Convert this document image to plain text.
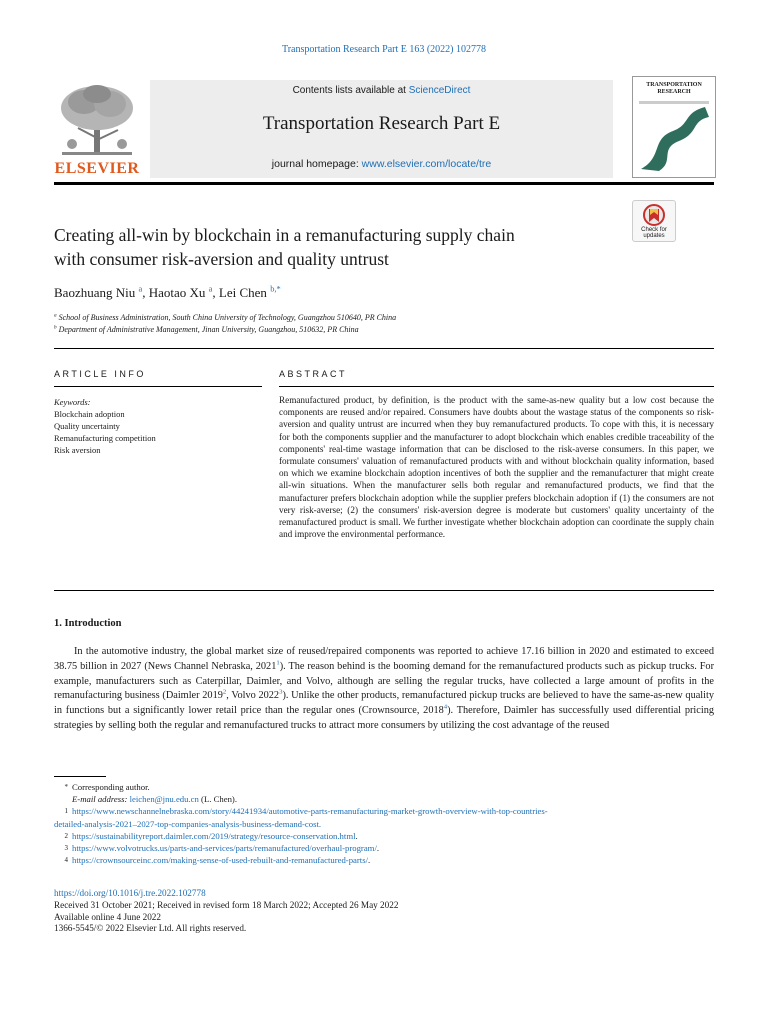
Transportation Research Part E 163 (2022) 102778
ELSEVIER
Contents lists available at ScienceDirect
Transportation Research Part E
journal homepage: www.elsevier.com/locate/tre
TRANSPORTATION RESEARCH
Check for updates
Creating all-win by blockchain in a remanufacturing supply chain
with consumer risk-aversion and quality untrust
Baozhuang Niu $^a$, Haotao Xu $^a$, Lei Chen $^{b,*}$
$^a$ School of Business Administration, South China University of Technology, Guangzhou 510640, PR China
$^b$ Department of Administrative Management, Jinan University, Guangzhou, 510632, PR China
ARTICLE INFO	ABSTRACT
Keywords:
Blockchain adoption
Quality uncertainty
Remanufacturing competition
Risk aversion
Remanufactured product, by definition, is the product with the same-as-new quality but a low cost because the components are reused and/or repaired. Consumers have doubts about the wastage status of the components so risk-aversion and quality untrust are incurred when they buy remanufactured products. To cope with this, it is necessary for both the components supplier and the manufacturer to adopt blockchain which enables credible traceability of the components' real-time wastage information that can be disclosed to the risk-averse consumers. In this paper, we formulate consumers' valuation of remanufactured products with and without blockchain quality information, based on which we examine blockchain adoption incentives of both the supplier and the remanufacturer that might create all-win situations. When the manufacturer sells both regular and remanufactured products, we find that the manufacturer prefers blockchain adoption while the supplier prefers blockchain adoption if (1) the consumers are not very risk-averse; (2) the consumers' risk-aversion degree is moderate but customers' quality uncertainty of the remanufactured product is small. We further investigate whether blockchain adoption can coordinate the supply chain and improve the environmental performance.
1. Introduction
In the automotive industry, the global market size of reused/repaired components was reported to achieve 17.16 billion in 2020 and estimated to exceed 38.75 billion in 2027 (News Channel Nebraska, 2021$^1$). The reason behind is the booming demand for the remanufactured products such as pickup trucks. For example, manufacturers such as Caterpillar, Daimler, and Volvo, although are selling the regular trucks, have collected a large amount of profits in the remanufacturing business (Daimler 2019$^2$, Volvo 2022$^3$). Unlike the other products, remanufactured pickup trucks are believed to have the same-as-new quality in functions but a significantly lower retail price than the regular ones (Crownsource, 2018$^4$). Therefore, Daimler has successfully used differential pricing strategies by selling both the regular and remanufactured trucks to attract more consumers by utilizing the cost advantage of the reused
* Corresponding author.
E-mail address: leichen@jnu.edu.cn (L. Chen).
1 https://www.newschannelnebraska.com/story/44241934/automotive-parts-remanufacturing-market-growth-overview-with-top-countries-
detailed-analysis-2021–2027-top-companies-analysis-business-demand-cost.
2 https://sustainabilityreport.daimler.com/2019/strategy/resource-conservation.html.
3 https://www.volvotrucks.us/parts-and-services/parts/remanufactured/overhaul-program/.
4 https://crownsourceinc.com/making-sense-of-used-rebuilt-and-remanufactured-parts/.
https://doi.org/10.1016/j.tre.2022.102778
Received 31 October 2021; Received in revised form 18 March 2022; Accepted 26 May 2022
Available online 4 June 2022
1366-5545/© 2022 Elsevier Ltd. All rights reserved.
